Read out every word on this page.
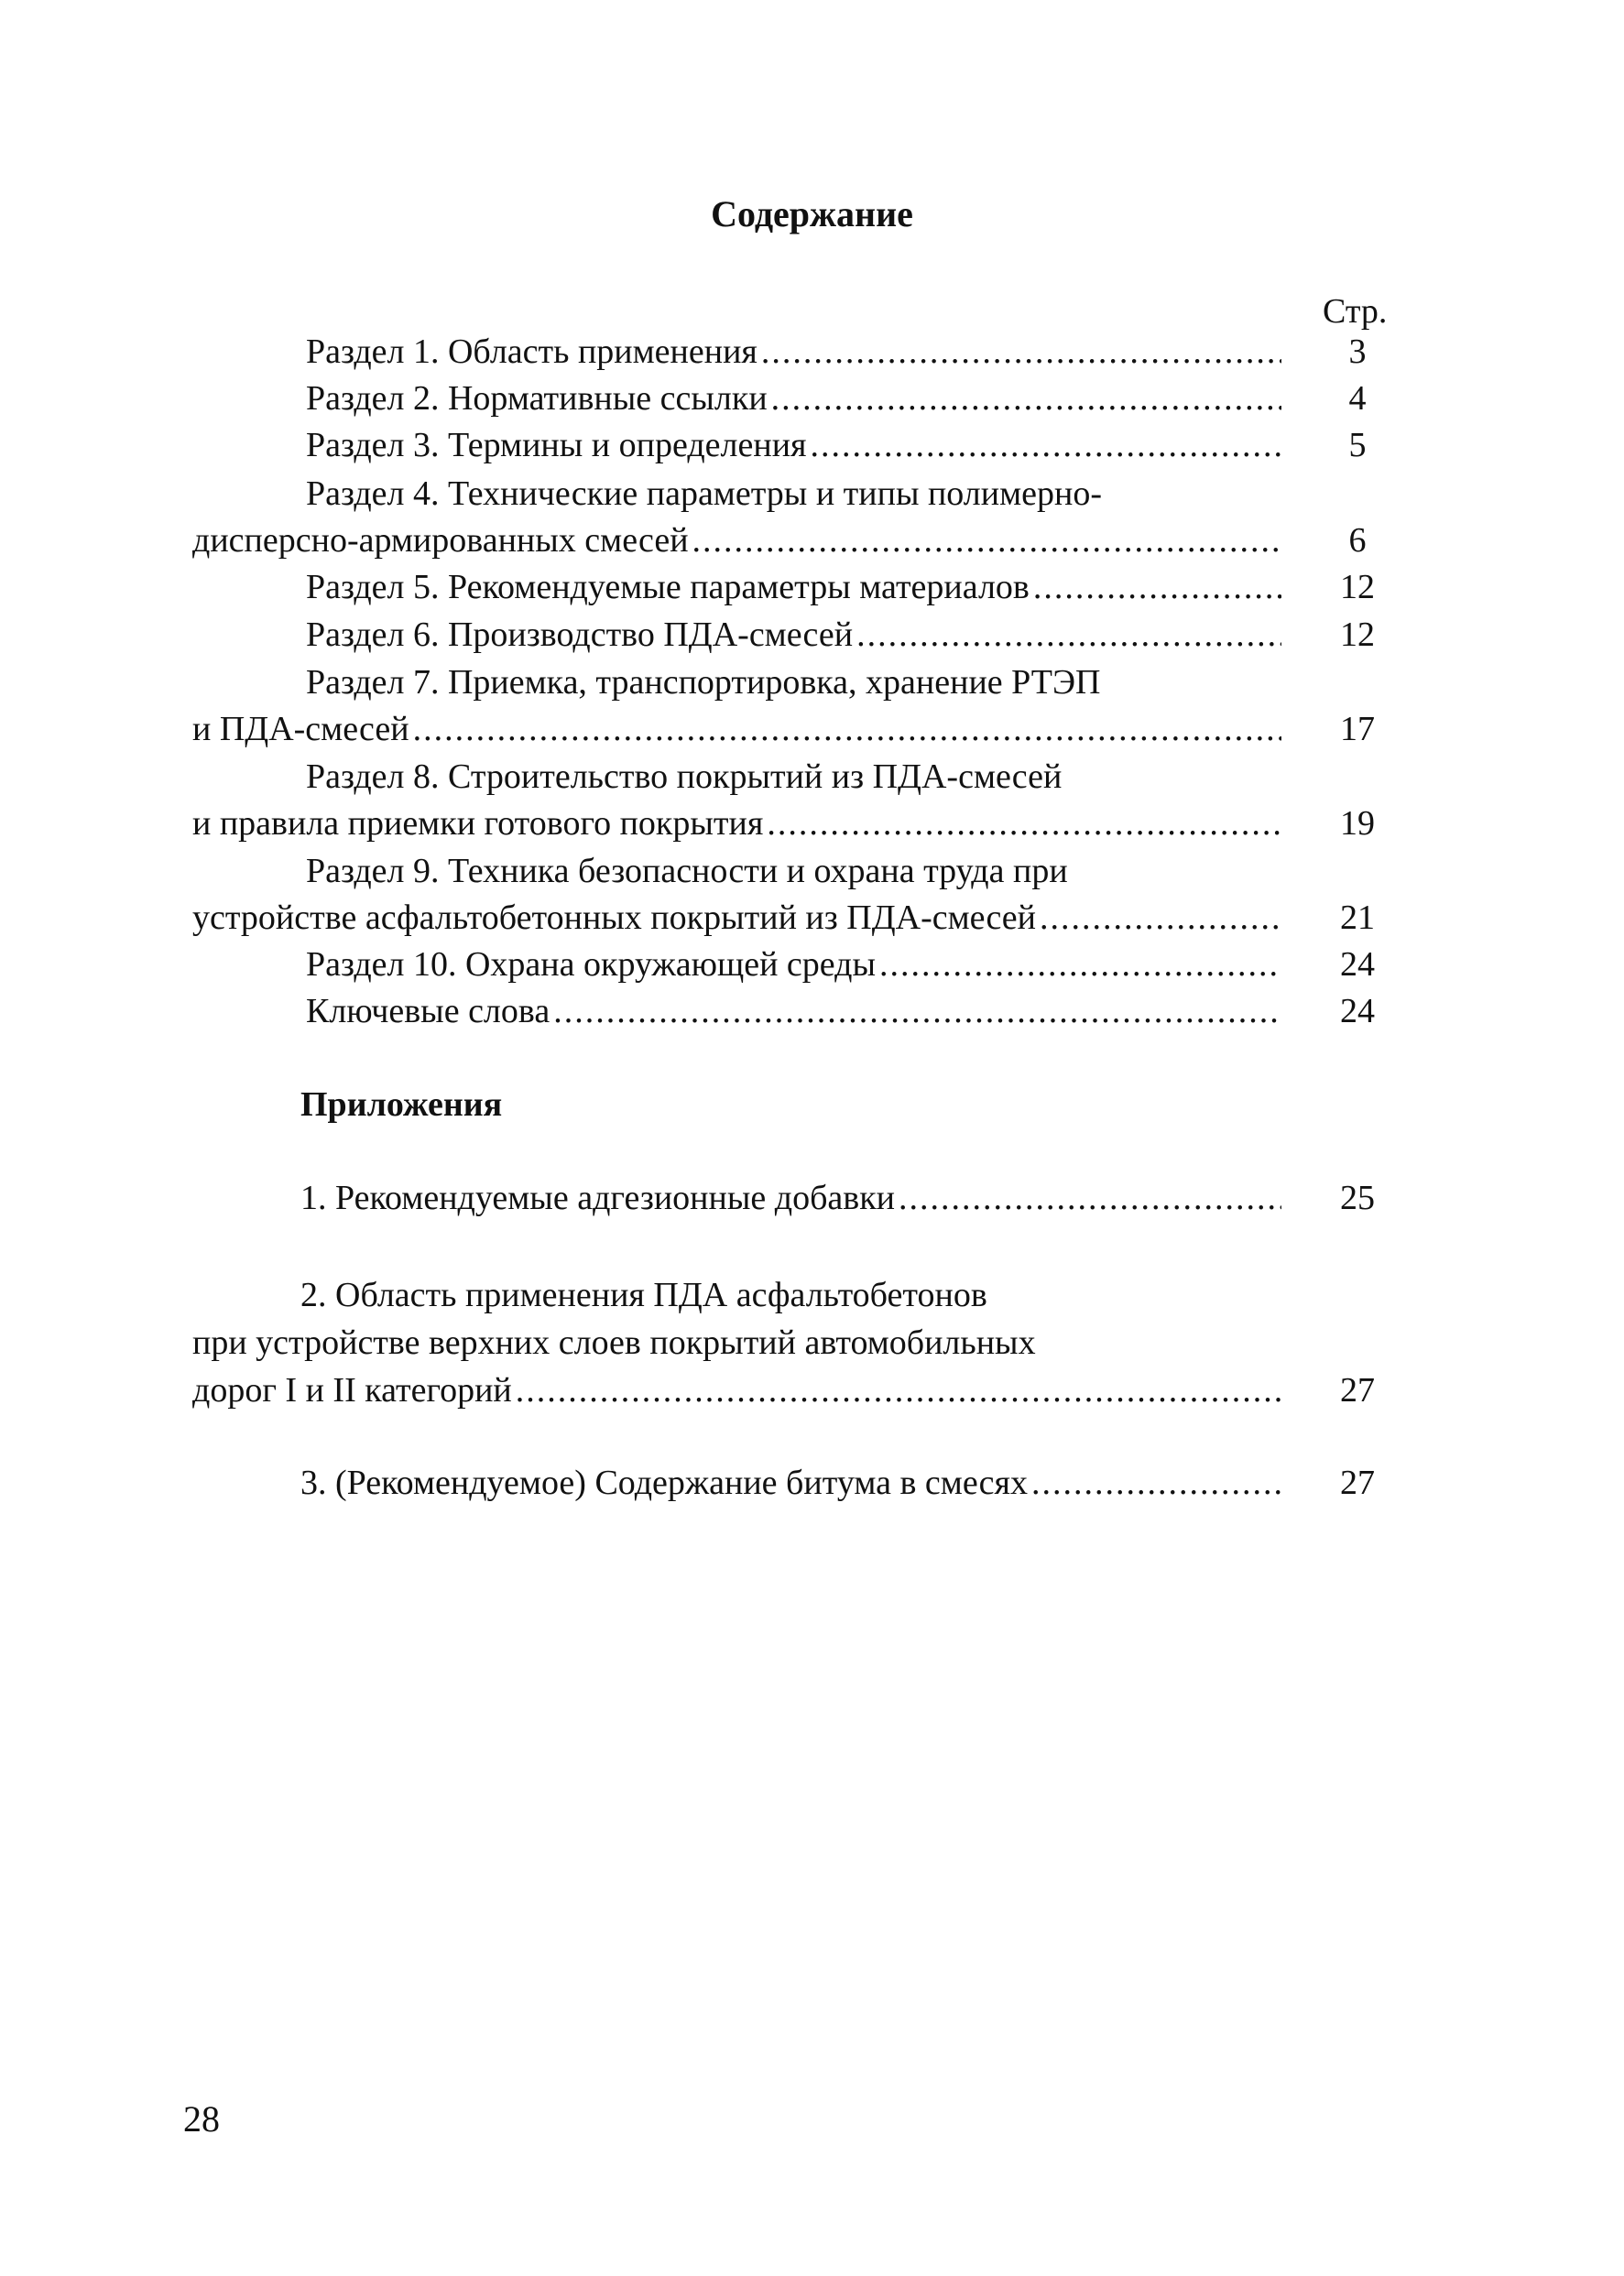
Содержание
Стр.
Раздел 1. Область применения .....	3
Раздел 2. Нормативные ссылки .....	4
Раздел 3. Термины и определения .....	5
Раздел 4. Технические параметры и типы полимерно-
дисперсно-армированных смесей .....	6
Раздел 5. Рекомендуемые параметры материалов .....	12
Раздел 6. Производство ПДА-смесей .....	12
Раздел 7. Приемка, транспортировка, хранение РТЭП
и ПДА-смесей .....	17
Раздел 8. Строительство покрытий из ПДА-смесей
и правила приемки готового покрытия .....	19
Раздел 9. Техника безопасности и охрана труда при
устройстве асфальтобетонных покрытий из ПДА-смесей .....	21
Раздел 10. Охрана окружающей среды .....	24
Ключевые слова .....	24
Приложения
1. Рекомендуемые адгезионные добавки .....	25
2. Область применения ПДА асфальтобетонов
при устройстве верхних слоев покрытий автомобильных
дорог I и II категорий .....	27
3. (Рекомендуемое) Содержание битума в смесях .....	27
28
